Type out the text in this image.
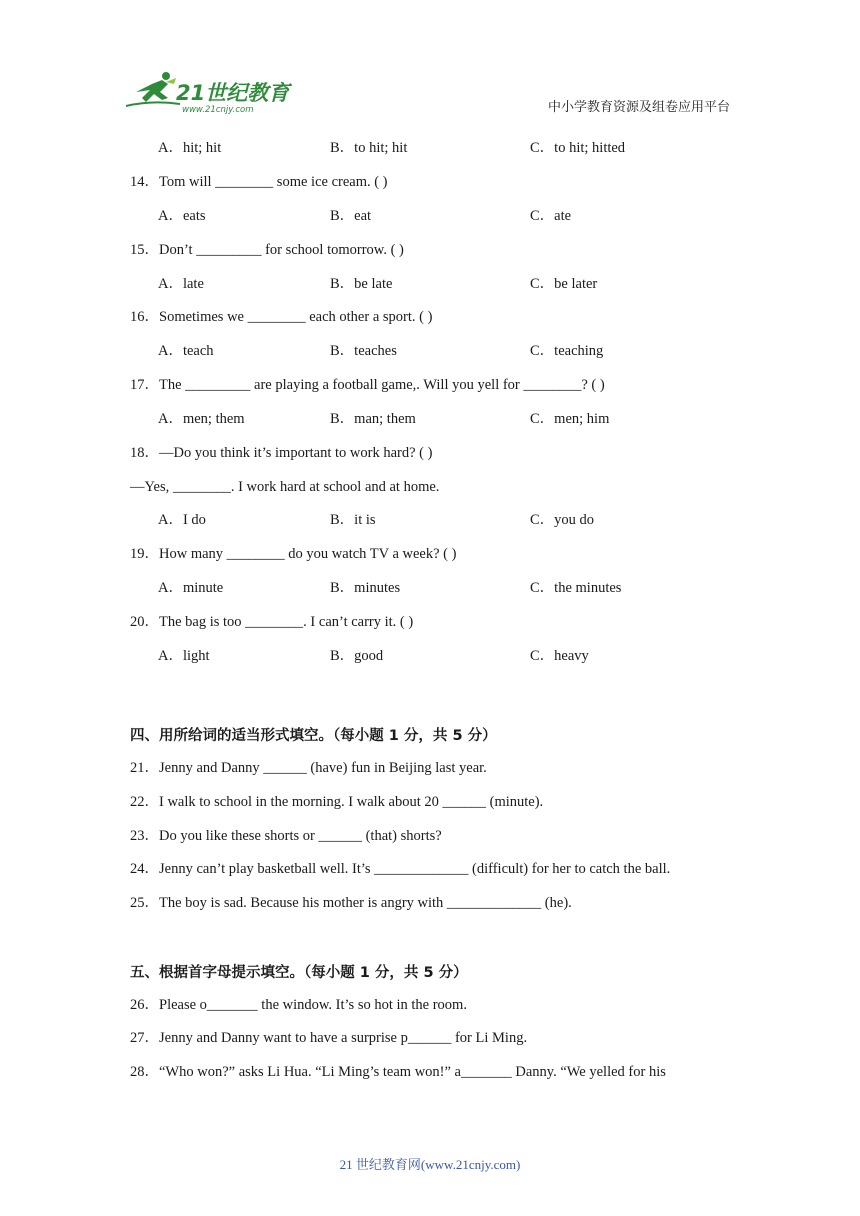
21世纪教育
www.21cnjy.com	中小学教育资源及组卷应用平台
A．hit; hit	B．to hit; hit	C．to hit; hitted
14．Tom will ________ some ice cream. ( )
A．eats	B．eat	C．ate
15．Don’t _________ for school tomorrow. ( )
A．late	B．be late	C．be later
16．Sometimes we ________ each other a sport. ( )
A．teach	B．teaches	C．teaching
17．The _________ are playing a football game,. Will you yell for ________? ( )
A．men; them	B．man; them	C．men; him
18．—Do you think it’s important to work hard? ( )
—Yes, ________. I work hard at school and at home.
A．I do	B．it is	C．you do
19．How many ________ do you watch TV a week? ( )
A．minute	B．minutes	C．the minutes
20．The bag is too ________. I can’t carry it. ( )
A．light	B．good	C．heavy
四、用所给词的适当形式填空。（每小题 1 分，共 5 分）
21．Jenny and Danny ______ (have) fun in Beijing last year.
22．I walk to school in the morning. I walk about 20 ______ (minute).
23．Do you like these shorts or ______ (that) shorts?
24．Jenny can’t play basketball well. It’s _____________ (difficult) for her to catch the ball.
25．The boy is sad. Because his mother is angry with _____________ (he).
五、根据首字母提示填空。（每小题 1 分，共 5 分）
26．Please o_______ the window. It’s so hot in the room.
27．Jenny and Danny want to have a surprise p______ for Li Ming.
28．“Who won?” asks Li Hua. “Li Ming’s team won!” a_______ Danny. “We yelled for his
21 世纪教育网(www.21cnjy.com)
